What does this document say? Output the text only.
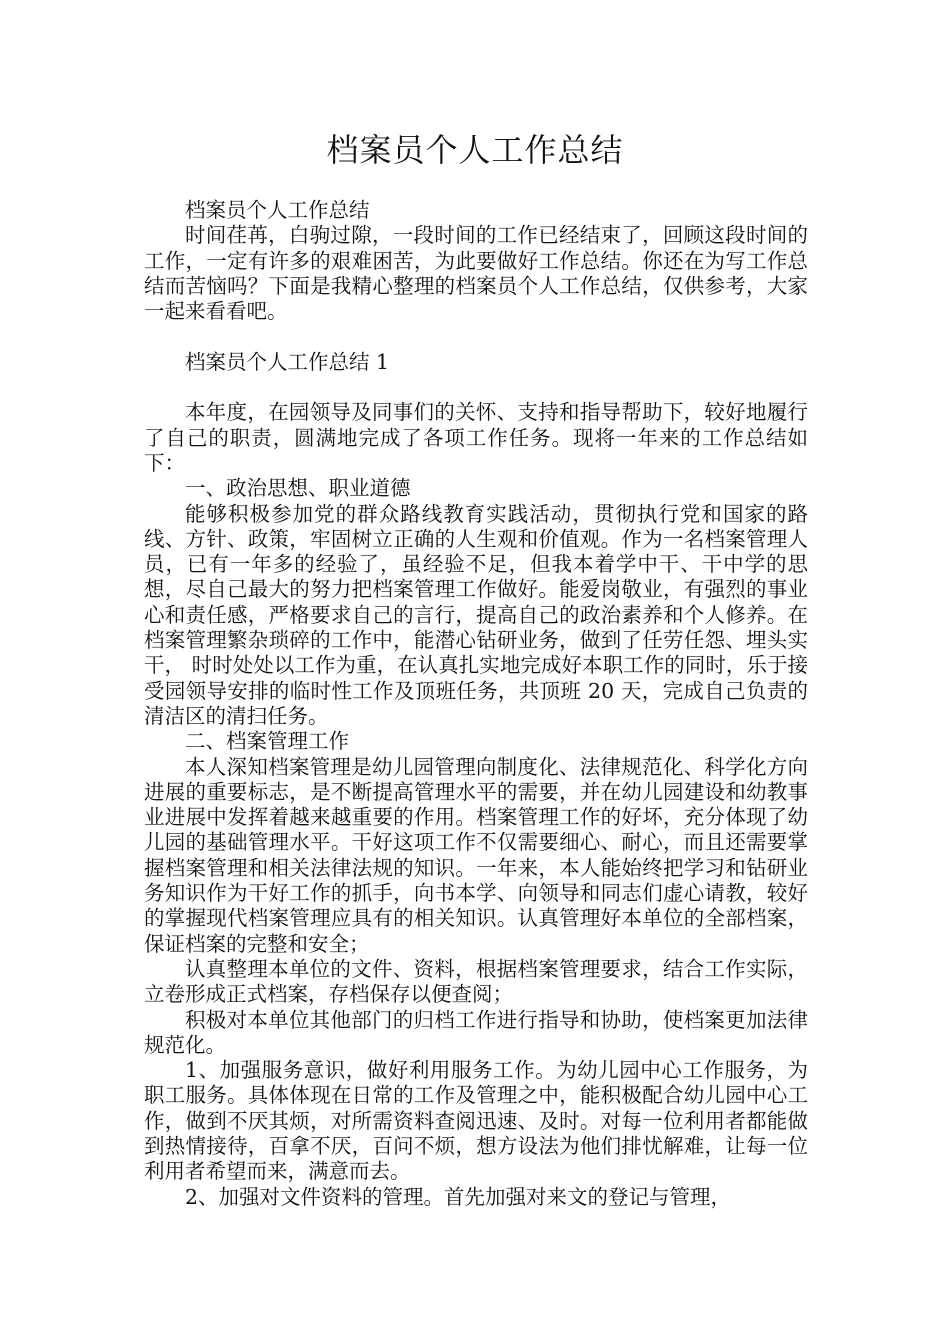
档案员个人工作总结

档案员个人工作总结

时间荏苒，白驹过隙，一段时间的工作已经结束了，回顾这段时间的工作，一定有许多的艰难困苦，为此要做好工作总结。你还在为写工作总结而苦恼吗？下面是我精心整理的档案员个人工作总结，仅供参考，大家一起来看看吧。

档案员个人工作总结 1

本年度，在园领导及同事们的关怀、支持和指导帮助下，较好地履行了自己的职责，圆满地完成了各项工作任务。现将一年来的工作总结如下：

一、政治思想、职业道德

能够积极参加党的群众路线教育实践活动，贯彻执行党和国家的路线、方针、政策，牢固树立正确的人生观和价值观。作为一名档案管理人员，已有一年多的经验了，虽经验不足，但我本着学中干、干中学的思想，尽自己最大的努力把档案管理工作做好。能爱岗敬业，有强烈的事业心和责任感，严格要求自己的言行，提高自己的政治素养和个人修养。在档案管理繁杂琐碎的工作中，能潜心钻研业务，做到了任劳任怨、埋头实干， 时时处处以工作为重，在认真扎实地完成好本职工作的同时，乐于接受园领导安排的临时性工作及顶班任务，共顶班 20 天，完成自己负责的清洁区的清扫任务。

二、档案管理工作

本人深知档案管理是幼儿园管理向制度化、法律规范化、科学化方向进展的重要标志，是不断提高管理水平的需要，并在幼儿园建设和幼教事业进展中发挥着越来越重要的作用。档案管理工作的好坏，充分体现了幼儿园的基础管理水平。干好这项工作不仅需要细心、耐心，而且还需要掌握档案管理和相关法律法规的知识。一年来，本人能始终把学习和钻研业务知识作为干好工作的抓手，向书本学、向领导和同志们虚心请教，较好的掌握现代档案管理应具有的相关知识。认真管理好本单位的全部档案，保证档案的完整和安全；

认真整理本单位的文件、资料，根据档案管理要求，结合工作实际，立卷形成正式档案，存档保存以便查阅；

积极对本单位其他部门的归档工作进行指导和协助，使档案更加法律规范化。

1、加强服务意识，做好利用服务工作。为幼儿园中心工作服务，为职工服务。具体体现在日常的工作及管理之中，能积极配合幼儿园中心工作，做到不厌其烦，对所需资料查阅迅速、及时。对每一位利用者都能做到热情接待，百拿不厌，百问不烦，想方设法为他们排忧解难，让每一位利用者希望而来，满意而去。

2、加强对文件资料的管理。首先加强对来文的登记与管理，
